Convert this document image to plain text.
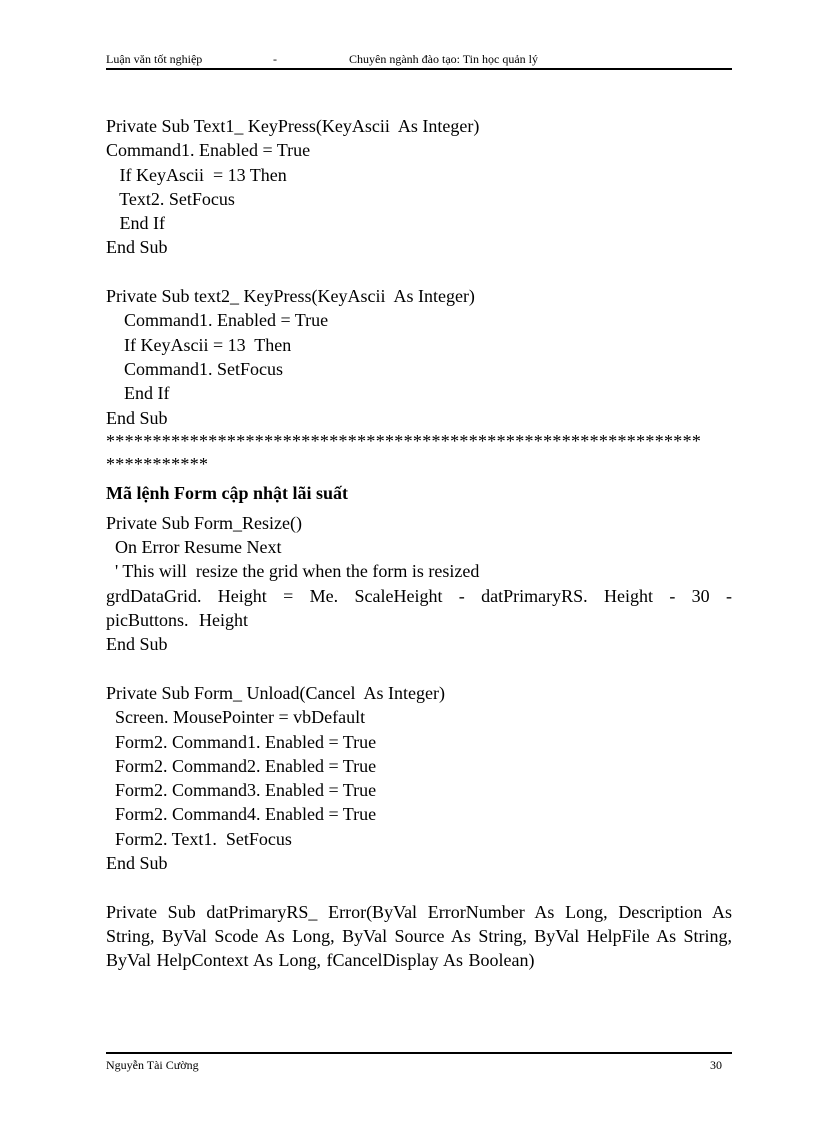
Luận văn tốt nghiệp	-	Chuyên ngành đào tạo: Tin học quản lý
Private Sub Text1_ KeyPress(KeyAscii  As Integer)
Command1. Enabled = True
If KeyAscii  = 13 Then
Text2. SetFocus
End If
End Sub
Private Sub text2_ KeyPress(KeyAscii  As Integer)
Command1. Enabled = True
If KeyAscii = 13  Then
Command1. SetFocus
End If
End Sub
****************************************************************
***********
Mã lệnh Form cập nhật lãi suất
Private Sub Form_Resize()
On Error Resume Next
' This will  resize the grid when the form is resized
grdDataGrid. Height = Me. ScaleHeight - datPrimaryRS. Height - 30 - picButtons. Height
End Sub
Private Sub Form_ Unload(Cancel  As Integer)
Screen. MousePointer = vbDefault
Form2. Command1. Enabled = True
Form2. Command2. Enabled = True
Form2. Command3. Enabled = True
Form2. Command4. Enabled = True
Form2. Text1.  SetFocus
End Sub
Private Sub datPrimaryRS_ Error(ByVal ErrorNumber As Long, Description As String, ByVal Scode As Long, ByVal Source As String, ByVal HelpFile As String, ByVal HelpContext As Long, fCancelDisplay As Boolean)
Nguyễn Tài Cường	30
